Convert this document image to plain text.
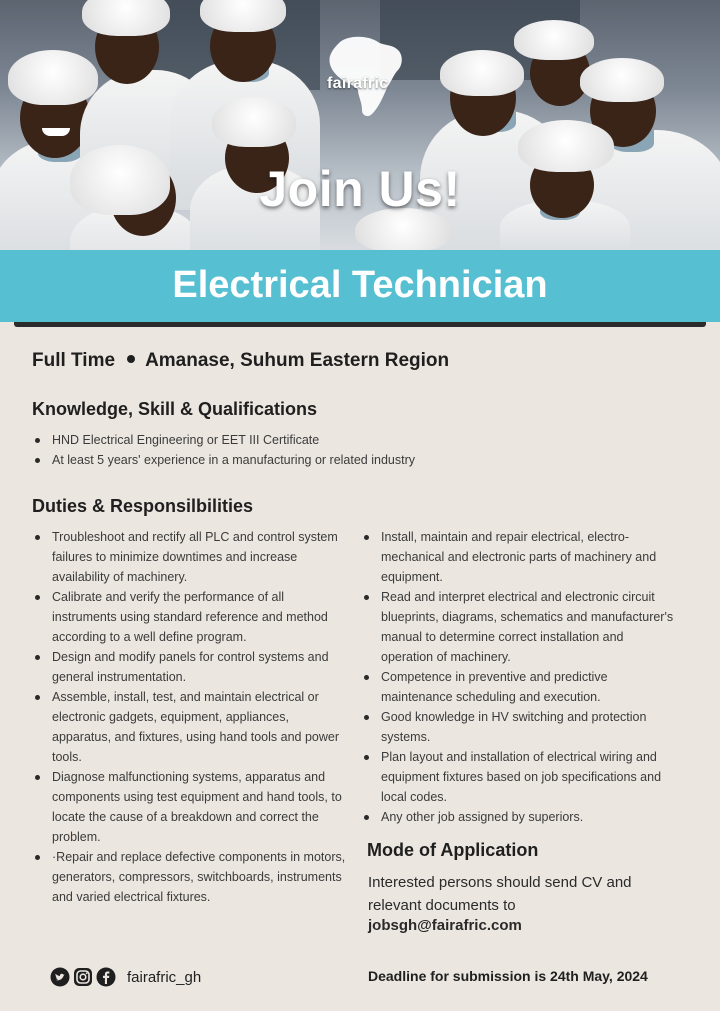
fairafric
Join Us!
Electrical Technician
Full Time Amanase, Suhum Eastern Region
Knowledge, Skill & Qualifications
HND Electrical Engineering or EET III Certificate
At least 5 years' experience in a manufacturing or related industry
Duties & Responsilbilities
Troubleshoot and rectify all PLC and control system failures to minimize downtimes and increase availability of machinery.
Calibrate and verify the performance of all instruments using standard reference and method according to a well define program.
Design and modify panels for control systems and general instrumentation.
Assemble, install, test, and maintain electrical or electronic gadgets, equipment, appliances, apparatus, and fixtures, using hand tools and power tools.
Diagnose malfunctioning systems, apparatus and components using test equipment and hand tools, to locate the cause of a breakdown and correct the problem.
·Repair and replace defective components in motors, generators, compressors, switchboards, instruments and varied electrical fixtures.
Install, maintain and repair electrical, electro-mechanical and electronic parts of machinery and equipment.
Read and interpret electrical and electronic circuit blueprints, diagrams, schematics and manufacturer's manual to determine correct installation and operation of machinery.
Competence in preventive and predictive maintenance scheduling and execution.
Good knowledge in HV switching and protection systems.
Plan layout and installation of electrical wiring and equipment fixtures based on job specifications and local codes.
Any other job assigned by superiors.
Mode of Application
Interested persons should send CV and relevant documents to
jobsgh@fairafric.com
fairafric_gh	Deadline for submission is 24th May, 2024
